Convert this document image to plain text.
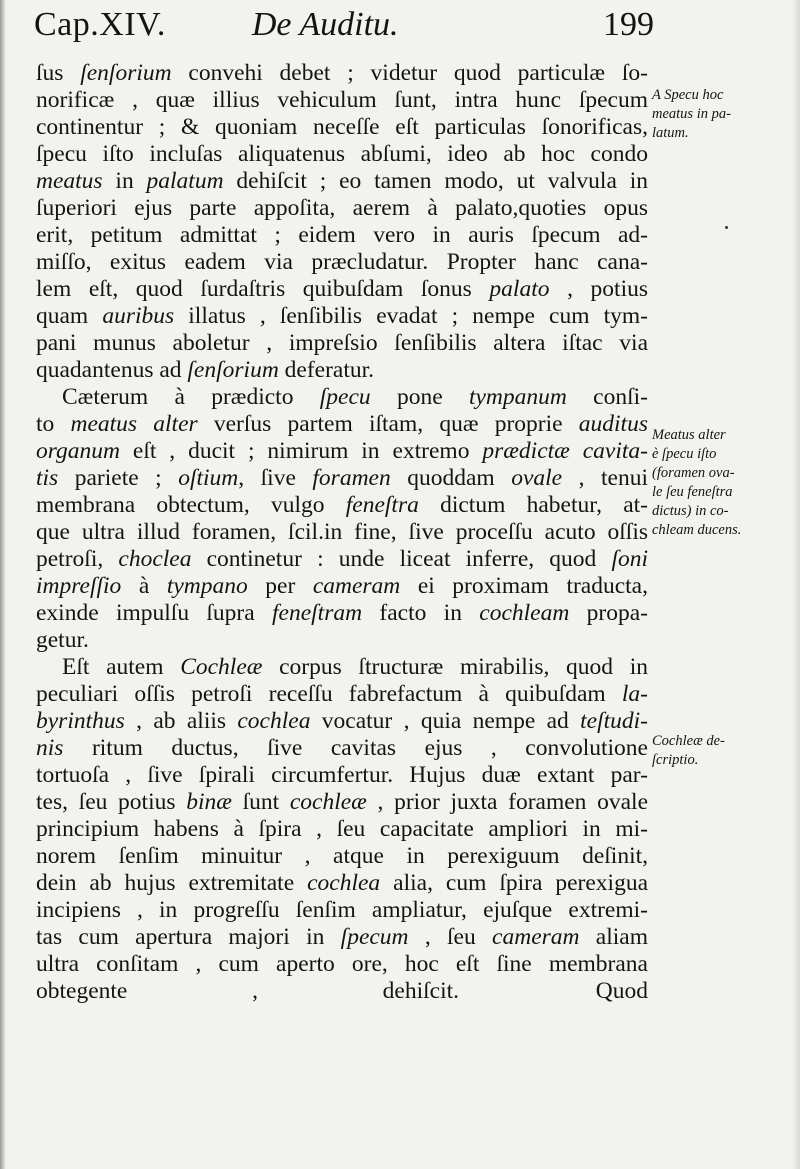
Cap.XIV.	De Auditu.	199
ſus ſenſorium convehi debet ; videtur quod particulæ ſo-
norificæ , quæ illius vehiculum ſunt, intra hunc ſpecum
continentur ; & quoniam neceſſe eſt particulas ſonorificas,
ſpecu iſto incluſas aliquatenus abſumi, ideo ab hoc condo
meatus in palatum dehiſcit ; eo tamen modo, ut valvula in
ſuperiori ejus parte appoſita, aerem à palato,quoties opus
erit, petitum admittat ; eidem vero in auris ſpecum ad-
miſſo, exitus eadem via præcludatur. Propter hanc cana-
lem eſt, quod ſurdaſtris quibuſdam ſonus palato , potius
quam auribus illatus , ſenſibilis evadat ; nempe cum tym-
pani munus aboletur , impreſsio ſenſibilis altera iſtac via
quadantenus ad ſenſorium deferatur.
Cæterum à prædicto ſpecu pone tympanum conſi-
to meatus alter verſus partem iſtam, quæ proprie auditus
organum eſt , ducit ; nimirum in extremo prædictæ cavita-
tis pariete ; oſtium, ſive foramen quoddam ovale , tenui
membrana obtectum, vulgo feneſtra dictum habetur, at-
que ultra illud foramen, ſcil.in fine, ſive proceſſu acuto oſſis
petroſi, choclea continetur : unde liceat inferre, quod ſoni
impreſſio à tympano per cameram ei proximam traducta,
exinde impulſu ſupra feneſtram facto in cochleam propa-
getur.
Eſt autem Cochleæ corpus ſtructuræ mirabilis, quod in
peculiari oſſis petroſi receſſu fabrefactum à quibuſdam la-
byrinthus , ab aliis cochlea vocatur , quia nempe ad teſtudi-
nis ritum ductus, ſive cavitas ejus , convolutione
tortuoſa , ſive ſpirali circumfertur. Hujus duæ extant par-
tes, ſeu potius binæ ſunt cochleæ , prior juxta foramen ovale
principium habens à ſpira , ſeu capacitate ampliori in mi-
norem ſenſim minuitur , atque in perexiguum deſinit,
dein ab hujus extremitate cochlea alia, cum ſpira perexigua
incipiens , in progreſſu ſenſim ampliatur, ejuſque extremi-
tas cum apertura majori in ſpecum , ſeu cameram aliam
ultra conſitam , cum aperto ore, hoc eſt ſine membrana
obtegente , dehiſcit.	Quod
A Specu hoc
meatus in pa-
latum.
Meatus alter
è ſpecu iſto
(foramen ova-
le ſeu feneſtra
dictus) in co-
chleam ducens.
Cochleæ de-
ſcriptio.
